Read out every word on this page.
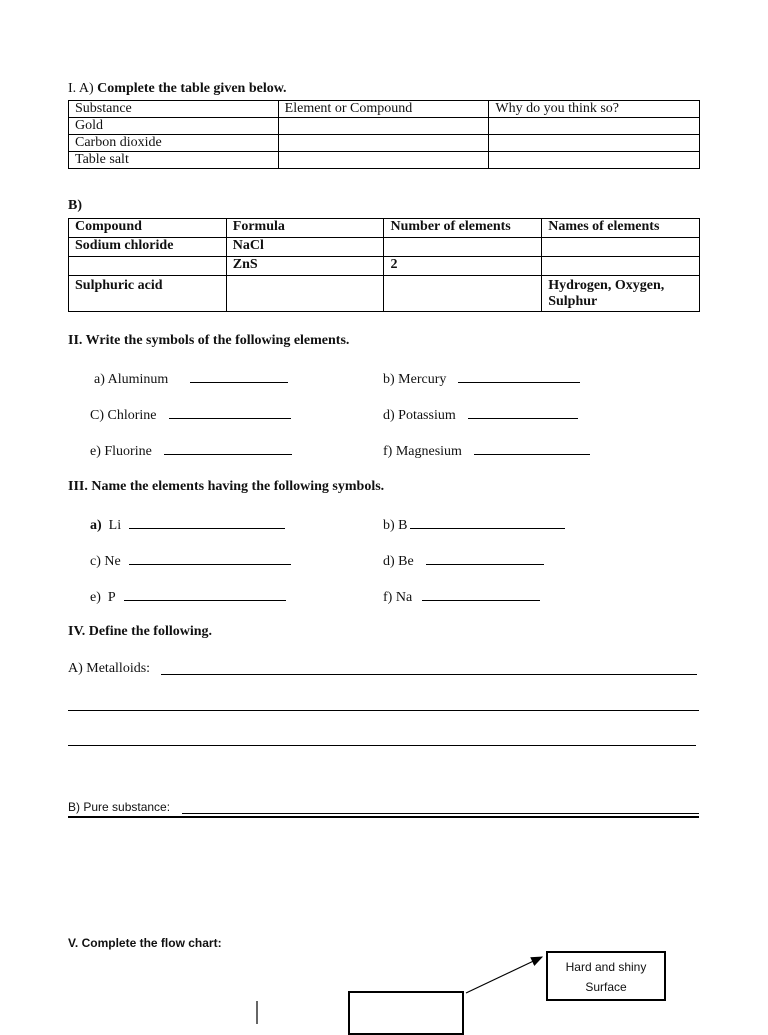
I. A) Complete the table given below.
Substance	Element or Compound	Why do you think so?
Gold		
Carbon dioxide		
Table salt		
B)
Compound	Formula	Number of elements	Names of elements
Sodium chloride	NaCl		
	ZnS	2	
Sulphuric acid			Hydrogen, Oxygen, Sulphur
II. Write the symbols of the following elements.
a) Aluminum	b) Mercury
C) Chlorine	d) Potassium
e) Fluorine	f) Magnesium
III. Name the elements having the following symbols.
a) Li	b) B
c) Ne	d) Be
e) P	f) Na
IV. Define the following.
A) Metalloids:
B) Pure substance:
V. Complete the flow chart:
Hard and shiny
Surface
